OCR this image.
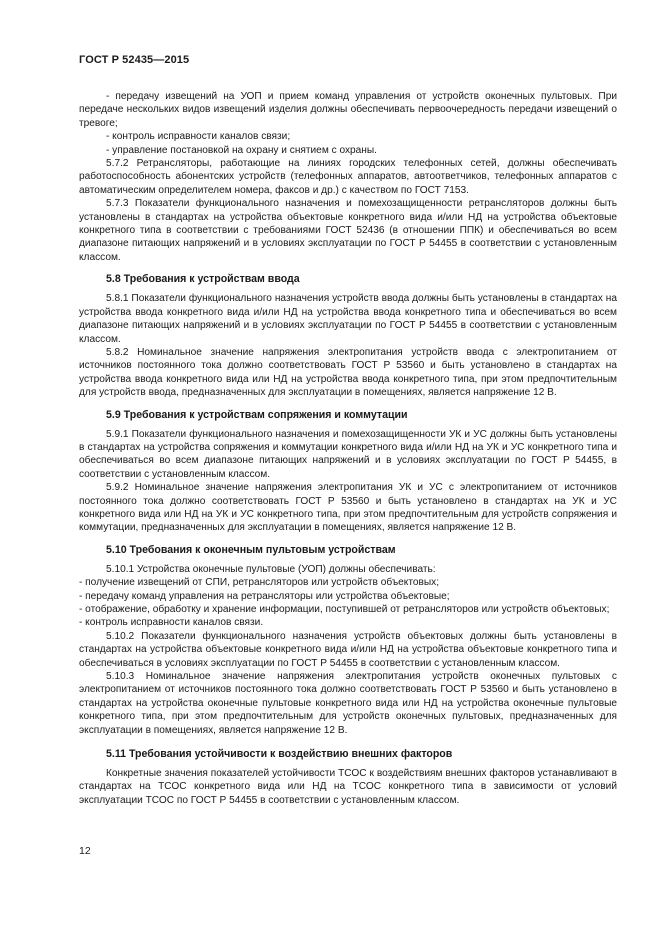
ГОСТ Р 52435—2015

- передачу извещений на УОП и прием команд управления от устройств оконечных пультовых. При передаче нескольких видов извещений изделия должны обеспечивать первоочередность передачи извещений о тревоге;

- контроль исправности каналов связи;

- управление постановкой на охрану и снятием с охраны.

5.7.2 Ретрансляторы, работающие на линиях городских телефонных сетей, должны обеспечивать работоспособность абонентских устройств (телефонных аппаратов, автоответчиков, телефонных аппаратов с автоматическим определителем номера, факсов и др.) с качеством по ГОСТ 7153.

5.7.3 Показатели функционального назначения и помехозащищенности ретрансляторов должны быть установлены в стандартах на устройства объектовые конкретного вида и/или НД на устройства объектовые конкретного типа в соответствии с требованиями ГОСТ 52436 (в отношении ППК) и обеспечиваться во всем диапазоне питающих напряжений и в условиях эксплуатации по ГОСТ Р 54455 в соответствии с установленным классом.

5.8 Требования к устройствам ввода

5.8.1 Показатели функционального назначения устройств ввода должны быть установлены в стандартах на устройства ввода конкретного вида и/или НД на устройства ввода конкретного типа и обеспечиваться во всем диапазоне питающих напряжений и в условиях эксплуатации по ГОСТ Р 54455 в соответствии с установленным классом.

5.8.2 Номинальное значение напряжения электропитания устройств ввода с электропитанием от источников постоянного тока должно соответствовать ГОСТ Р 53560 и быть установлено в стандартах на устройства ввода конкретного вида или НД на устройства ввода конкретного типа, при этом предпочтительным для устройств ввода, предназначенных для эксплуатации в помещениях, является напряжение 12 В.

5.9 Требования к устройствам сопряжения и коммутации

5.9.1 Показатели функционального назначения и помехозащищенности УК и УС должны быть установлены в стандартах на устройства сопряжения и коммутации конкретного вида и/или НД на УК и УС конкретного типа и обеспечиваться во всем диапазоне питающих напряжений и в условиях эксплуатации по ГОСТ Р 54455, в соответствии с установленным классом.

5.9.2 Номинальное значение напряжения электропитания УК и УС с электропитанием от источников постоянного тока должно соответствовать ГОСТ Р 53560 и быть установлено в стандартах на УК и УС конкретного вида или НД на УК и УС конкретного типа, при этом предпочтительным для устройств сопряжения и коммутации, предназначенных для эксплуатации в помещениях, является напряжение 12 В.

5.10 Требования к оконечным пультовым устройствам

5.10.1 Устройства оконечные пультовые (УОП) должны обеспечивать:

- получение извещений от СПИ, ретрансляторов или устройств объектовых;

- передачу команд управления на ретрансляторы или устройства объектовые;

- отображение, обработку и хранение информации, поступившей от ретрансляторов или устройств объектовых;

- контроль исправности каналов связи.

5.10.2 Показатели функционального назначения устройств объектовых должны быть установлены в стандартах на устройства объектовые конкретного вида и/или НД на устройства объектовые конкретного типа и обеспечиваться в условиях эксплуатации по ГОСТ Р 54455 в соответствии с установленным классом.

5.10.3 Номинальное значение напряжения электропитания устройств оконечных пультовых с электропитанием от источников постоянного тока должно соответствовать ГОСТ Р 53560 и быть установлено в стандартах на устройства оконечные пультовые конкретного вида или НД на устройства оконечные пультовые конкретного типа, при этом предпочтительным для устройств оконечных пультовых, предназначенных для эксплуатации в помещениях, является напряжение 12 В.

5.11 Требования устойчивости к воздействию внешних факторов

Конкретные значения показателей устойчивости ТСОС к воздействиям внешних факторов устанавливают в стандартах на ТСОС конкретного вида или НД на ТСОС конкретного типа в зависимости от условий эксплуатации ТСОС по ГОСТ Р 54455 в соответствии с установленным классом.

12
